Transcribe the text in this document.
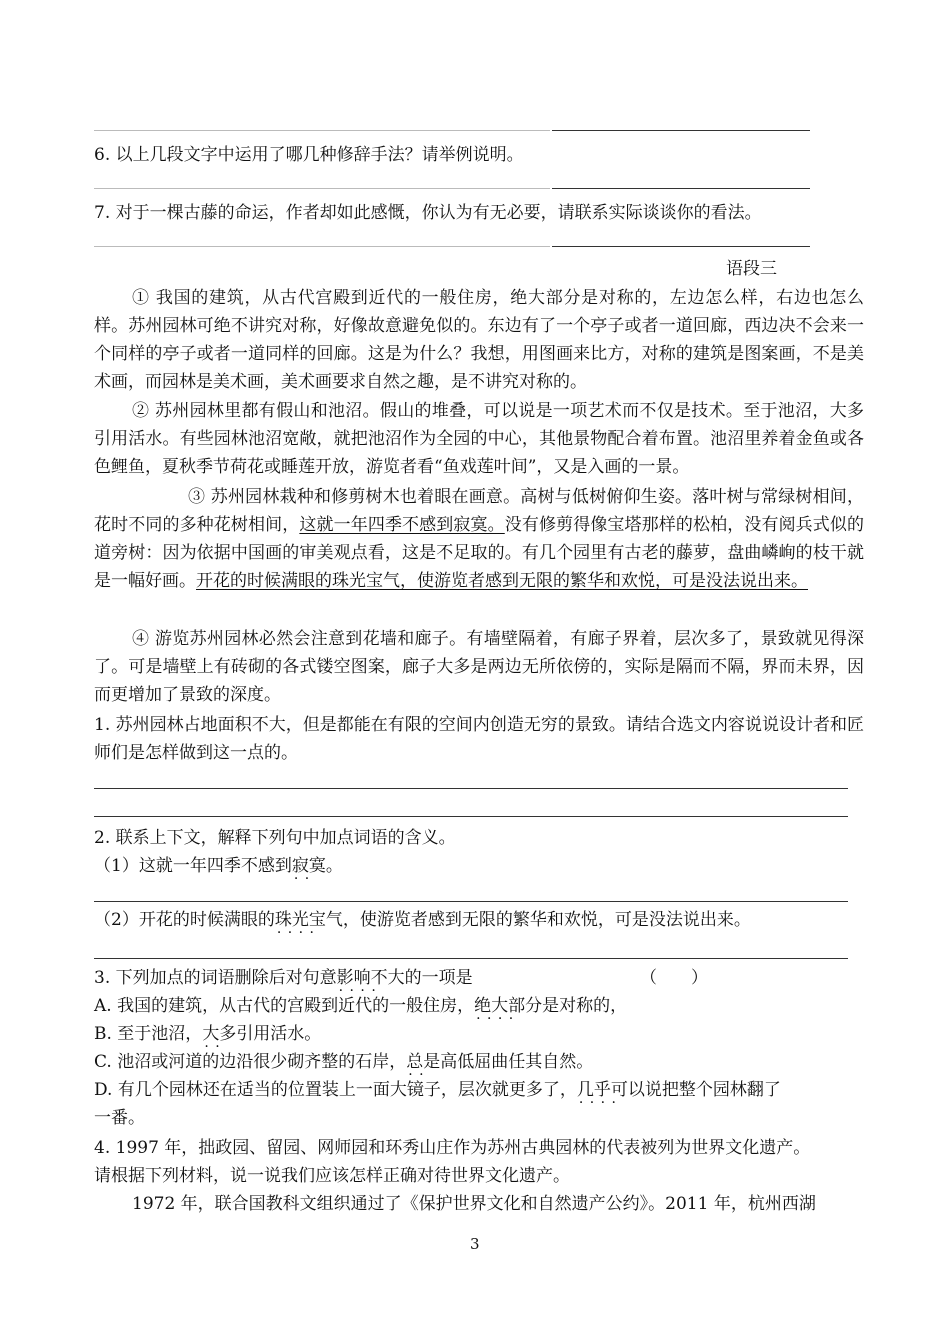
6. 以上几段文字中运用了哪几种修辞手法？请举例说明。
7. 对于一棵古藤的命运，作者却如此感慨，你认为有无必要，请联系实际谈谈你的看法。
语段三
① 我国的建筑，从古代宫殿到近代的一般住房，绝大部分是对称的，左边怎么样，右边也怎么样。苏州园林可绝不讲究对称，好像故意避免似的。东边有了一个亭子或者一道回廊，西边决不会来一个同样的亭子或者一道同样的回廊。这是为什么？我想，用图画来比方，对称的建筑是图案画，不是美术画，而园林是美术画，美术画要求自然之趣，是不讲究对称的。
② 苏州园林里都有假山和池沼。假山的堆叠，可以说是一项艺术而不仅是技术。至于池沼，大多引用活水。有些园林池沼宽敞，就把池沼作为全园的中心，其他景物配合着布置。池沼里养着金鱼或各色鲤鱼，夏秋季节荷花或睡莲开放，游览者看“鱼戏莲叶间”，又是入画的一景。
③ 苏州园林栽种和修剪树木也着眼在画意。高树与低树俯仰生姿。落叶树与常绿树相间，花时不同的多种花树相间，这就一年四季不感到寂寞。没有修剪得像宝塔那样的松柏，没有阅兵式似的道旁树：因为依据中国画的审美观点看，这是不足取的。有几个园里有古老的藤萝，盘曲嶙峋的枝干就是一幅好画。开花的时候满眼的珠光宝气，使游览者感到无限的繁华和欢悦，可是没法说出来。
④ 游览苏州园林必然会注意到花墙和廊子。有墙壁隔着，有廊子界着，层次多了，景致就见得深了。可是墙壁上有砖砌的各式镂空图案，廊子大多是两边无所依傍的，实际是隔而不隔，界而未界，因而更增加了景致的深度。
1. 苏州园林占地面积不大，但是都能在有限的空间内创造无穷的景致。请结合选文内容说说设计者和匠师们是怎样做到这一点的。
2. 联系上下文，解释下列句中加点词语的含义。
（1）这就一年四季不感到寂寞 · ·。
（2）开花的时候满眼的珠光宝气 · · · ·，使游览者感到无限的繁华和欢悦，可是没法说出来。
3. 下列加点的词语删除后对句意影响不大 · · · ·的一项是	（　　）
A. 我国的建筑，从古代的宫殿到近代的一般住房，绝大部分 · · · ·是对称的，
B. 至于池沼，大多 · ·引用活水。
C. 池沼或河道的边沿很少砌齐整的石岸，总是 · ·高低屈曲任其自然。
D. 有几个园林还在适当的位置装上一面大镜子，层次就更多了，几乎可以说 · · · ·把整个园林翻了
一番。
4. 1997 年，拙政园、留园、网师园和环秀山庄作为苏州古典园林的代表被列为世界文化遗产。
请根据下列材料，说一说我们应该怎样正确对待世界文化遗产。
1972 年，联合国教科文组织通过了《保护世界文化和自然遗产公约》。2011 年，杭州西湖
3
